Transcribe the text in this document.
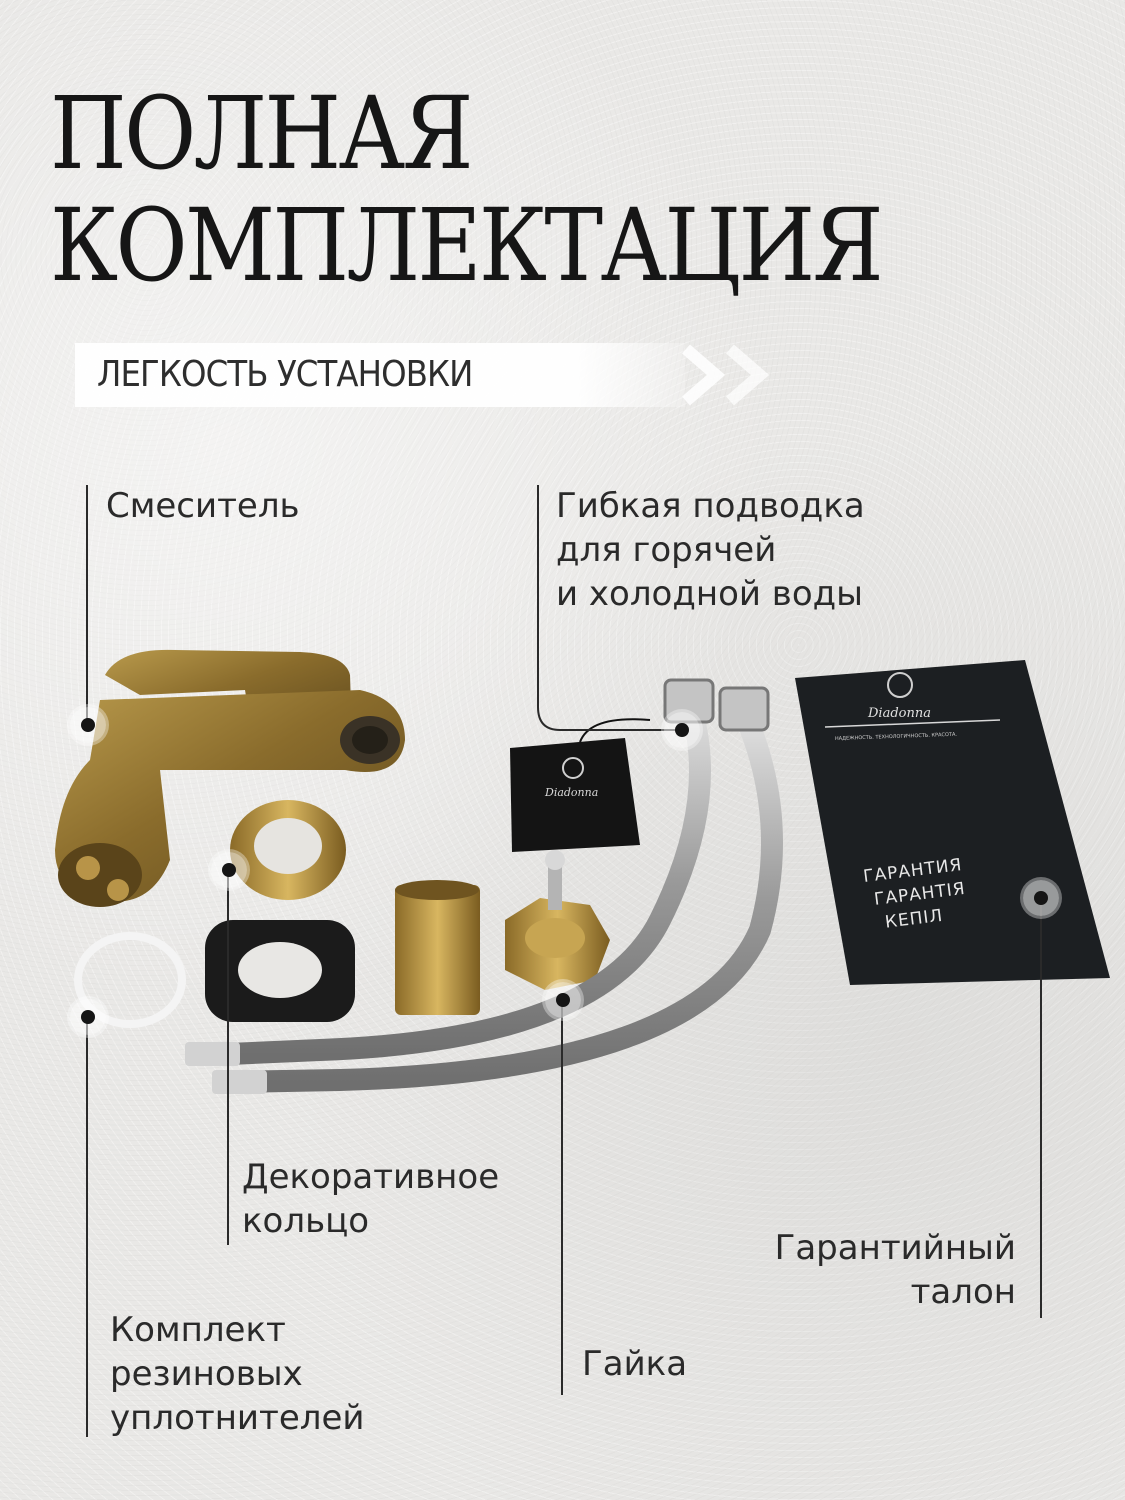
ПОЛНАЯ
КОМПЛЕКТАЦИЯ
ЛЕГКОСТЬ УСТАНОВКИ
Diadonna
Diadonna
НАДЕЖНОСТЬ. ТЕХНОЛОГИЧНОСТЬ. КРАСОТА.
ГАРАНТИЯ
ГАРАНТІЯ
КЕПІЛ

Смеситель	Гибкая подводка
для горячей
и холодной воды

Декоративное
кольцо

Комплект
резиновых
уплотнителей

Гайка

Гарантийный
талон
